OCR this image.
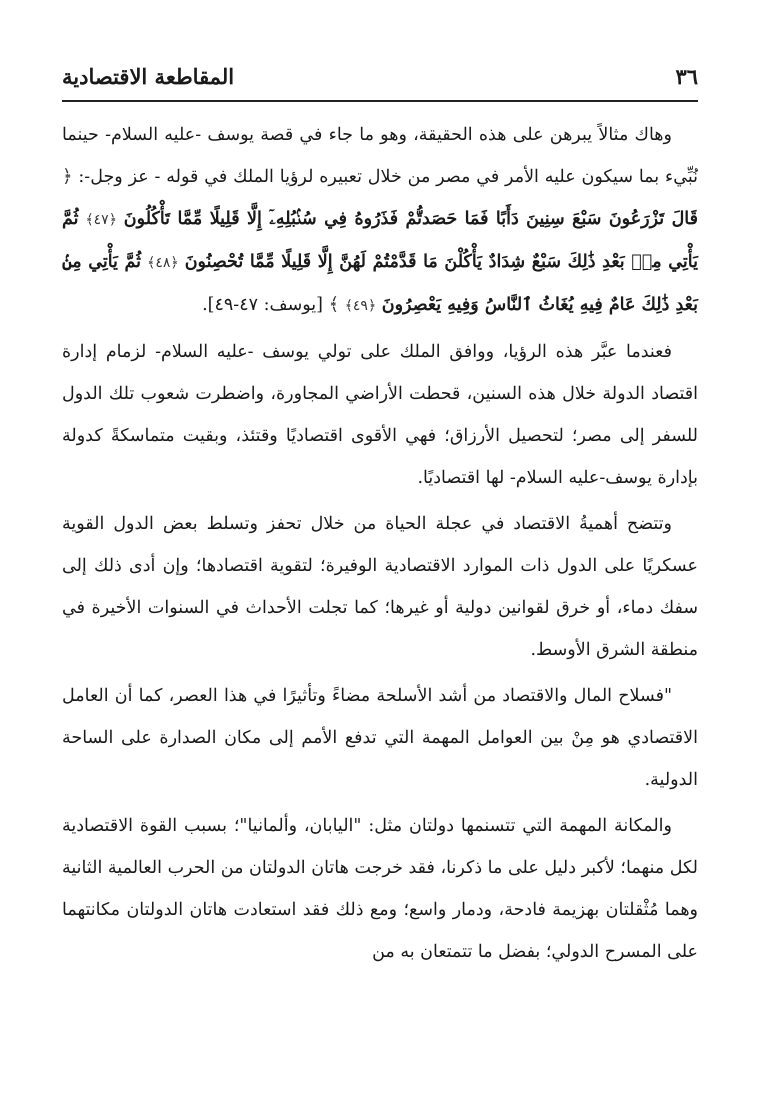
٣٦
المقاطعة الاقتصادية

وهاك مثالاً يبرهن على هذه الحقيقة، وهو ما جاء في قصة يوسف -عليه السلام- حينما نُبِّيء بما سيكون عليه الأمر في مصر من خلال تعبيره لرؤيا الملك في قوله - عز وجل-: ﴿ قَالَ تَزْرَعُونَ سَبْعَ سِنِينَ دَأَبًا فَمَا حَصَدتُّمْ فَذَرُوهُ فِي سُنۢبُلِهِۦٓ إِلَّا قَلِيلًا مِّمَّا تَأْكُلُونَ ﴿٤٧﴾ ثُمَّ يَأْتِي مِنۢ بَعْدِ ذَٰلِكَ سَبْعٌ شِدَادٌ يَأْكُلْنَ مَا قَدَّمْتُمْ لَهُنَّ إِلَّا قَلِيلًا مِّمَّا تُحْصِنُونَ ﴿٤٨﴾ ثُمَّ يَأْتِي مِنۢ بَعْدِ ذَٰلِكَ عَامٌ فِيهِ يُغَاثُ ٱلنَّاسُ وَفِيهِ يَعْصِرُونَ ﴿٤٩﴾ ﴾ [يوسف: ٤٧-٤٩].

فعندما عبَّر هذه الرؤيا، ووافق الملك على تولي يوسف -عليه السلام- لزمام إدارة اقتصاد الدولة خلال هذه السنين، قحطت الأراضي المجاورة، واضطرت شعوب تلك الدول للسفر إلى مصر؛ لتحصيل الأرزاق؛ فهي الأقوى اقتصاديًا وقتئذ، وبقيت متماسكةً كدولة بإدارة يوسف-عليه السلام- لها اقتصاديًا.

وتتضح أهميةُ الاقتصاد في عجلة الحياة من خلال تحفز وتسلط بعض الدول القوية عسكريًا على الدول ذات الموارد الاقتصادية الوفيرة؛ لتقوية اقتصادها؛ وإن أدى ذلك إلى سفك دماء، أو خرق لقوانين دولية أو غيرها؛ كما تجلت الأحداث في السنوات الأخيرة في منطقة الشرق الأوسط.

"فسلاح المال والاقتصاد من أشد الأسلحة مضاءً وتأثيرًا في هذا العصر، كما أن العامل الاقتصادي هو مِنْ بين العوامل المهمة التي تدفع الأمم إلى مكان الصدارة على الساحة الدولية.

والمكانة المهمة التي تتسنمها دولتان مثل: "اليابان، وألمانيا"؛ بسبب القوة الاقتصادية لكل منهما؛ لأكبر دليل على ما ذكرنا، فقد خرجت هاتان الدولتان من الحرب العالمية الثانية وهما مُثْقلتان بهزيمة فادحة، ودمار واسع؛ ومع ذلك فقد استعادت هاتان الدولتان مكانتهما على المسرح الدولي؛ بفضل ما تتمتعان به من
